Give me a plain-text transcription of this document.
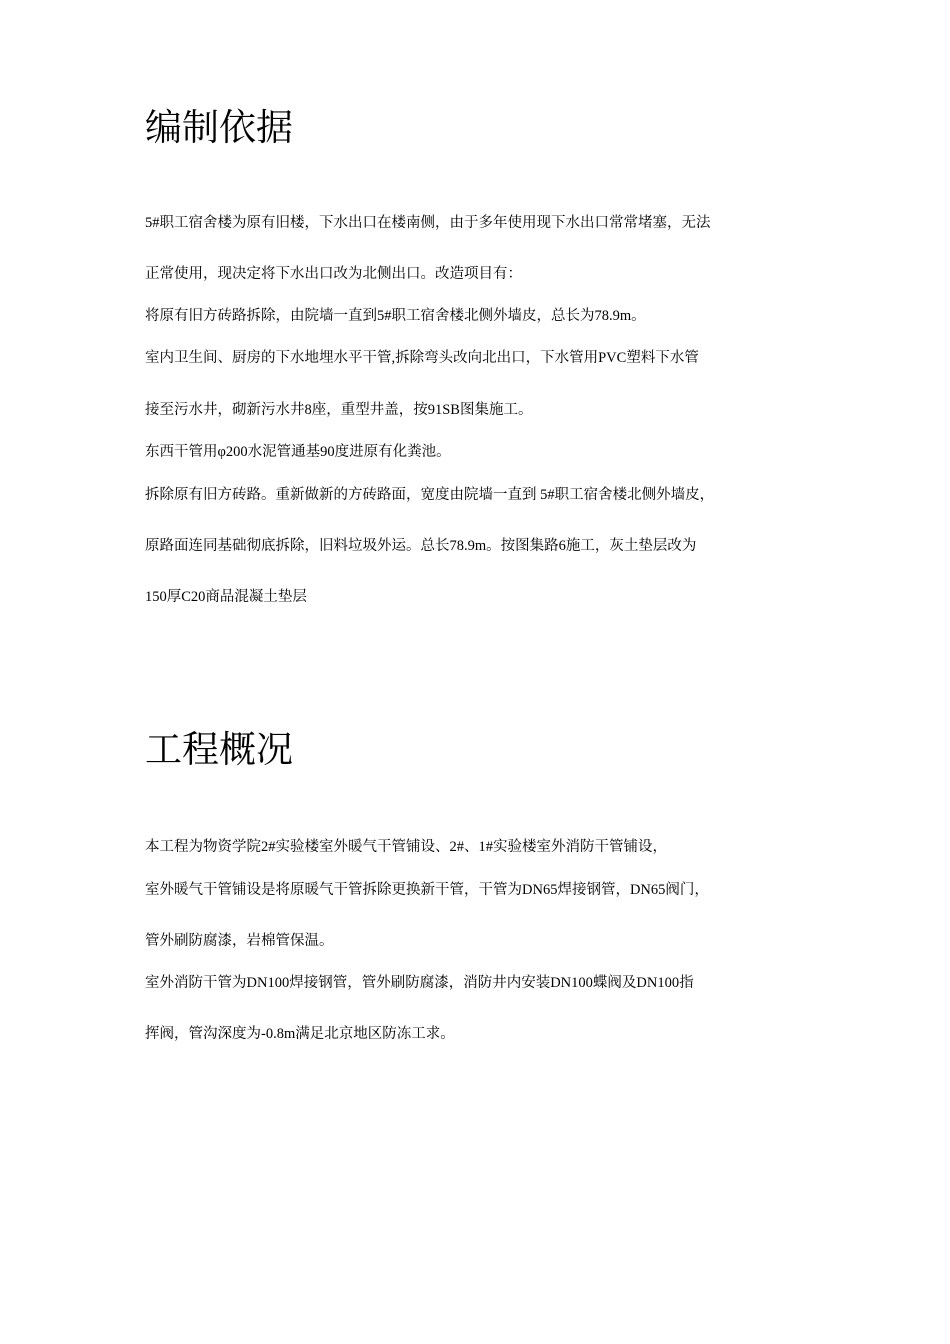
编制依据

5#职工宿舍楼为原有旧楼，下水出口在楼南侧，由于多年使用现下水出口常常堵塞，无法

正常使用，现决定将下水出口改为北侧出口。改造项目有：

将原有旧方砖路拆除，由院墙一直到5#职工宿舍楼北侧外墙皮，总长为78.9m。

室内卫生间、厨房的下水地埋水平干管,拆除弯头改向北出口，下水管用PVC塑料下水管

接至污水井，砌新污水井8座，重型井盖，按91SB图集施工。

东西干管用φ200水泥管通基90度进原有化粪池。

拆除原有旧方砖路。重新做新的方砖路面，宽度由院墙一直到 5#职工宿舍楼北侧外墙皮，

原路面连同基础彻底拆除，旧料垃圾外运。总长78.9m。按图集路6施工，灰土垫层改为

150厚C20商品混凝土垫层

工程概况

本工程为物资学院2#实验楼室外暖气干管铺设、2#、1#实验楼室外消防干管铺设，

室外暖气干管铺设是将原暖气干管拆除更换新干管，干管为DN65焊接钢管，DN65阀门，

管外刷防腐漆，岩棉管保温。

室外消防干管为DN100焊接钢管，管外刷防腐漆，消防井内安装DN100蝶阀及DN100指

挥阀，管沟深度为-0.8m满足北京地区防冻工求。
